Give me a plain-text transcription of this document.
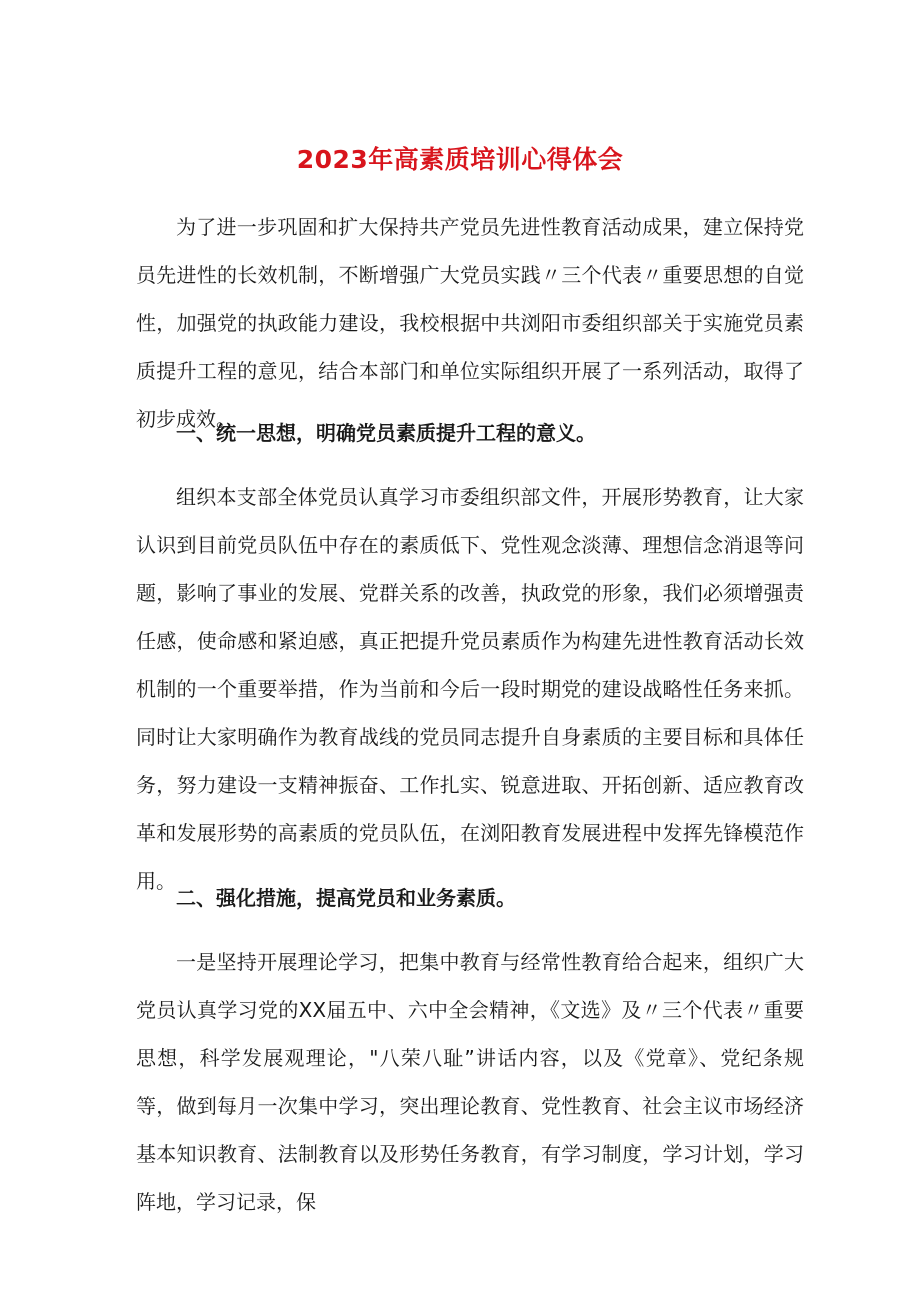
2023年高素质培训心得体会

为了进一步巩固和扩大保持共产党员先进性教育活动成果，建立保持党员先进性的长效机制，不断增强广大党员实践〃三个代表〃重要思想的自觉性，加强党的执政能力建设，我校根据中共浏阳市委组织部关于实施党员素质提升工程的意见，结合本部门和单位实际组织开展了一系列活动，取得了初步成效。

一、统一思想，明确党员素质提升工程的意义。

组织本支部全体党员认真学习市委组织部文件，开展形势教育，让大家认识到目前党员队伍中存在的素质低下、党性观念淡薄、理想信念消退等问题，影响了事业的发展、党群关系的改善，执政党的形象，我们必须增强责任感，使命感和紧迫感，真正把提升党员素质作为构建先进性教育活动长效机制的一个重要举措，作为当前和今后一段时期党的建设战略性任务来抓。同时让大家明确作为教育战线的党员同志提升自身素质的主要目标和具体任务，努力建设一支精神振奋、工作扎实、锐意进取、开拓创新、适应教育改革和发展形势的高素质的党员队伍，在浏阳教育发展进程中发挥先锋模范作用。

二、强化措施，提高党员和业务素质。

一是坚持开展理论学习，把集中教育与经常性教育给合起来，组织广大党员认真学习党的XX届五中、六中全会精神，《文选》及〃三个代表〃重要思想，科学发展观理论，"八荣八耻”讲话内容，以及《党章》、党纪条规等，做到每月一次集中学习，突出理论教育、党性教育、社会主议市场经济基本知识教育、法制教育以及形势任务教育，有学习制度，学习计划，学习阵地，学习记录，保
